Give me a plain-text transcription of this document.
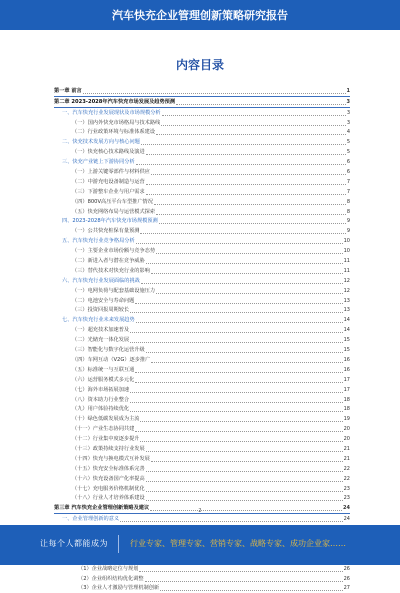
汽车快充企业管理创新策略研究报告
内容目录
第一章 前言	1
第二章 2023-2028年汽车快充市场发展及趋势预测	3
一、汽车快充行业发展现状及市场规模分析	3
（一）国内外快充市场格局与技术路线	3
（二）行业政策环境与标准体系建设	4
二、快充技术发展方向与核心问题	5
（一）快充核心技术路线及演进	5
三、快充产业链上下游协同分析	6
（一）上游关键零部件与材料供应	6
（二）中游充电设备制造与运营	7
（三）下游整车企业与用户需求	7
（四）800V高压平台车型推广情况	8
（五）快充网络布局与运营模式探索	8
四、2023-2028年汽车快充市场规模预测	9
（一）公共快充桩保有量预测	9
五、汽车快充行业竞争格局分析	10
（一）主要企业市场份额与竞争态势	10
（二）新进入者与潜在竞争威胁	11
（三）替代技术对快充行业的影响	11
六、汽车快充行业发展面临的挑战	12
（一）电网负荷与配套基础设施压力	12
（二）电池安全与寿命问题	13
（三）投资回报周期较长	13
七、汽车快充行业未来发展趋势	14
（一）超充技术加速普及	14
（二）光储充一体化发展	15
（三）智能化与数字化运营升级	15
（四）车网互动（V2G）逐步推广	16
（五）标准统一与互联互通	16
（六）运营服务模式多元化	17
（七）海外市场拓展加速	17
（八）资本助力行业整合	18
（九）用户体验持续优化	18
（十）绿色低碳发展成为主流	19
（十一）产业生态协同共建	20
（十二）行业集中度逐步提升	20
（十三）政策持续支持行业发展	21
（十四）快充与换电模式互补发展	21
（十五）快充安全标准体系完善	22
（十六）快充设备国产化率提高	22
（十七）充电服务价格机制优化	23
（十八）行业人才培养体系建设	23
第三章 汽车快充企业管理创新策略及建议	24
一、企业管理创新的意义	24
（1）企业战略定位与规划	26
（2）企业组织结构优化调整	26
（3）企业人才激励与管理机制创新	27
2
让每个人都能成为	行业专家、管理专家、营销专家、战略专家、成功企业家……
